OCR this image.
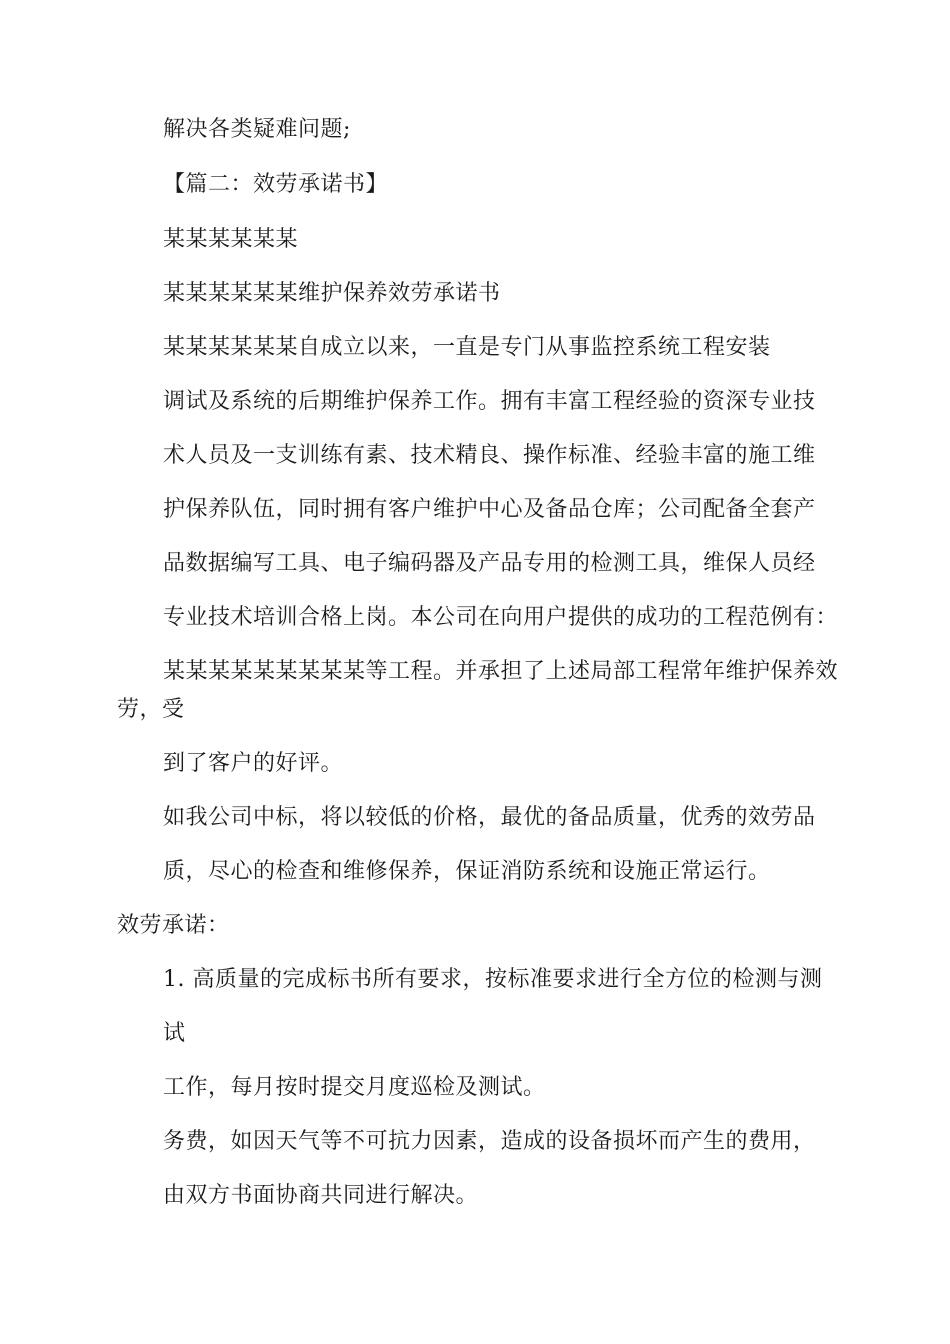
解决各类疑难问题;
【篇二：效劳承诺书】
某某某某某某
某某某某某某维护保养效劳承诺书
某某某某某某自成立以来，一直是专门从事监控系统工程安装
调试及系统的后期维护保养工作。拥有丰富工程经验的资深专业技
术人员及一支训练有素、技术精良、操作标准、经验丰富的施工维
护保养队伍，同时拥有客户维护中心及备品仓库；公司配备全套产
品数据编写工具、电子编码器及产品专用的检测工具，维保人员经
专业技术培训合格上岗。本公司在向用户提供的成功的工程范例有：
某某某某某某某某某等工程。并承担了上述局部工程常年维护保养效
劳，受
到了客户的好评。
如我公司中标，将以较低的价格，最优的备品质量，优秀的效劳品
质，尽心的检查和维修保养，保证消防系统和设施正常运行。
效劳承诺：
1. 高质量的完成标书所有要求，按标准要求进行全方位的检测与测
试
工作，每月按时提交月度巡检及测试。
务费，如因天气等不可抗力因素，造成的设备损坏而产生的费用，
由双方书面协商共同进行解决。
